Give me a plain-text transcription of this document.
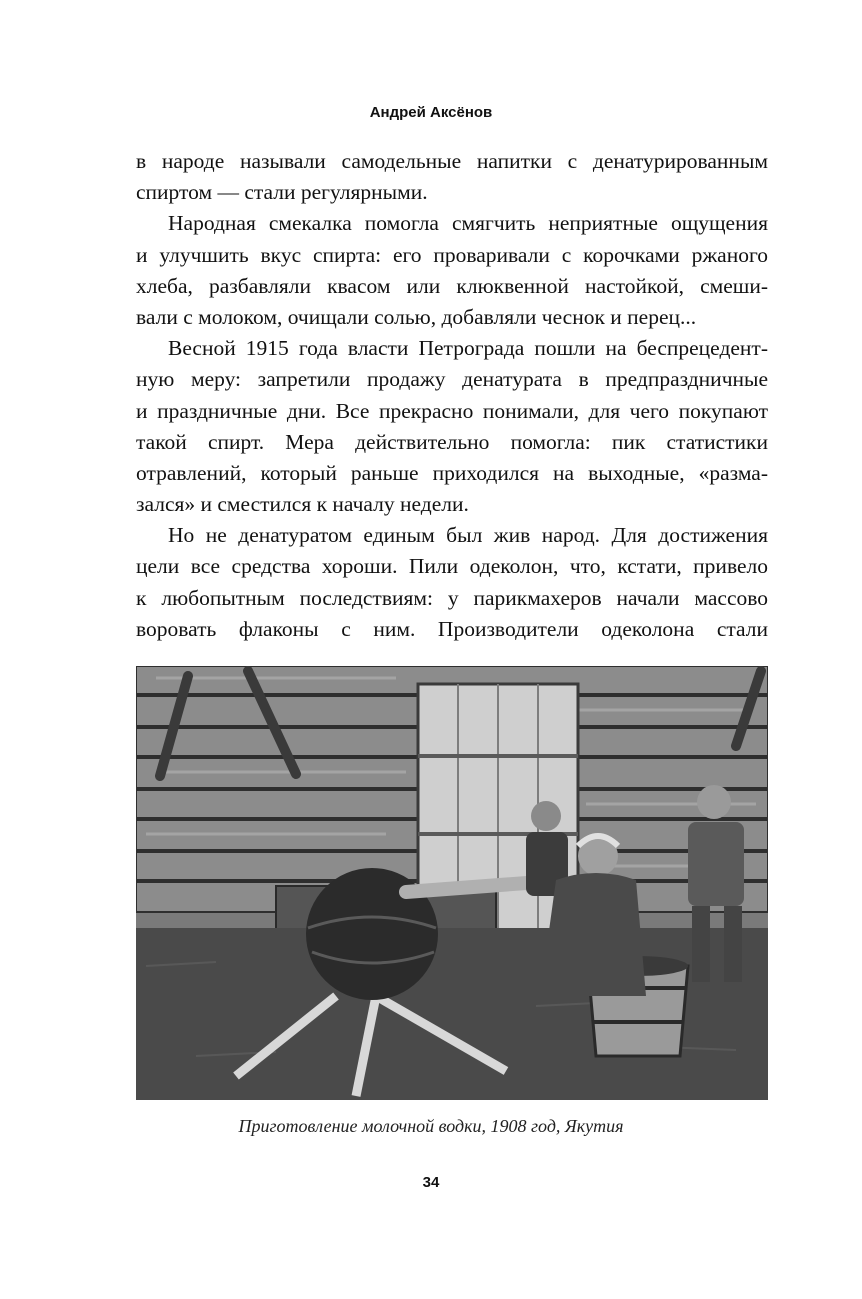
Андрей Аксёнов
в народе называли самодельные напитки с денатурированным
спиртом — стали регулярными.
Народная смекалка помогла смягчить неприятные ощущения
и улучшить вкус спирта: его проваривали с корочками ржаного
хлеба, разбавляли квасом или клюквенной настойкой, смеши-
вали с молоком, очищали солью, добавляли чеснок и перец...
Весной 1915 года власти Петрограда пошли на беспрецедент-
ную меру: запретили продажу денатурата в предпраздничные
и праздничные дни. Все прекрасно понимали, для чего покупают
такой спирт. Мера действительно помогла: пик статистики
отравлений, который раньше приходился на выходные, «разма-
зался» и сместился к началу недели.
Но не денатуратом единым был жив народ. Для достижения
цели все средства хороши. Пили одеколон, что, кстати, привело
к любопытным последствиям: у парикмахеров начали массово
воровать флаконы с ним. Производители одеколона стали
Приготовление молочной водки, 1908 год, Якутия
34
